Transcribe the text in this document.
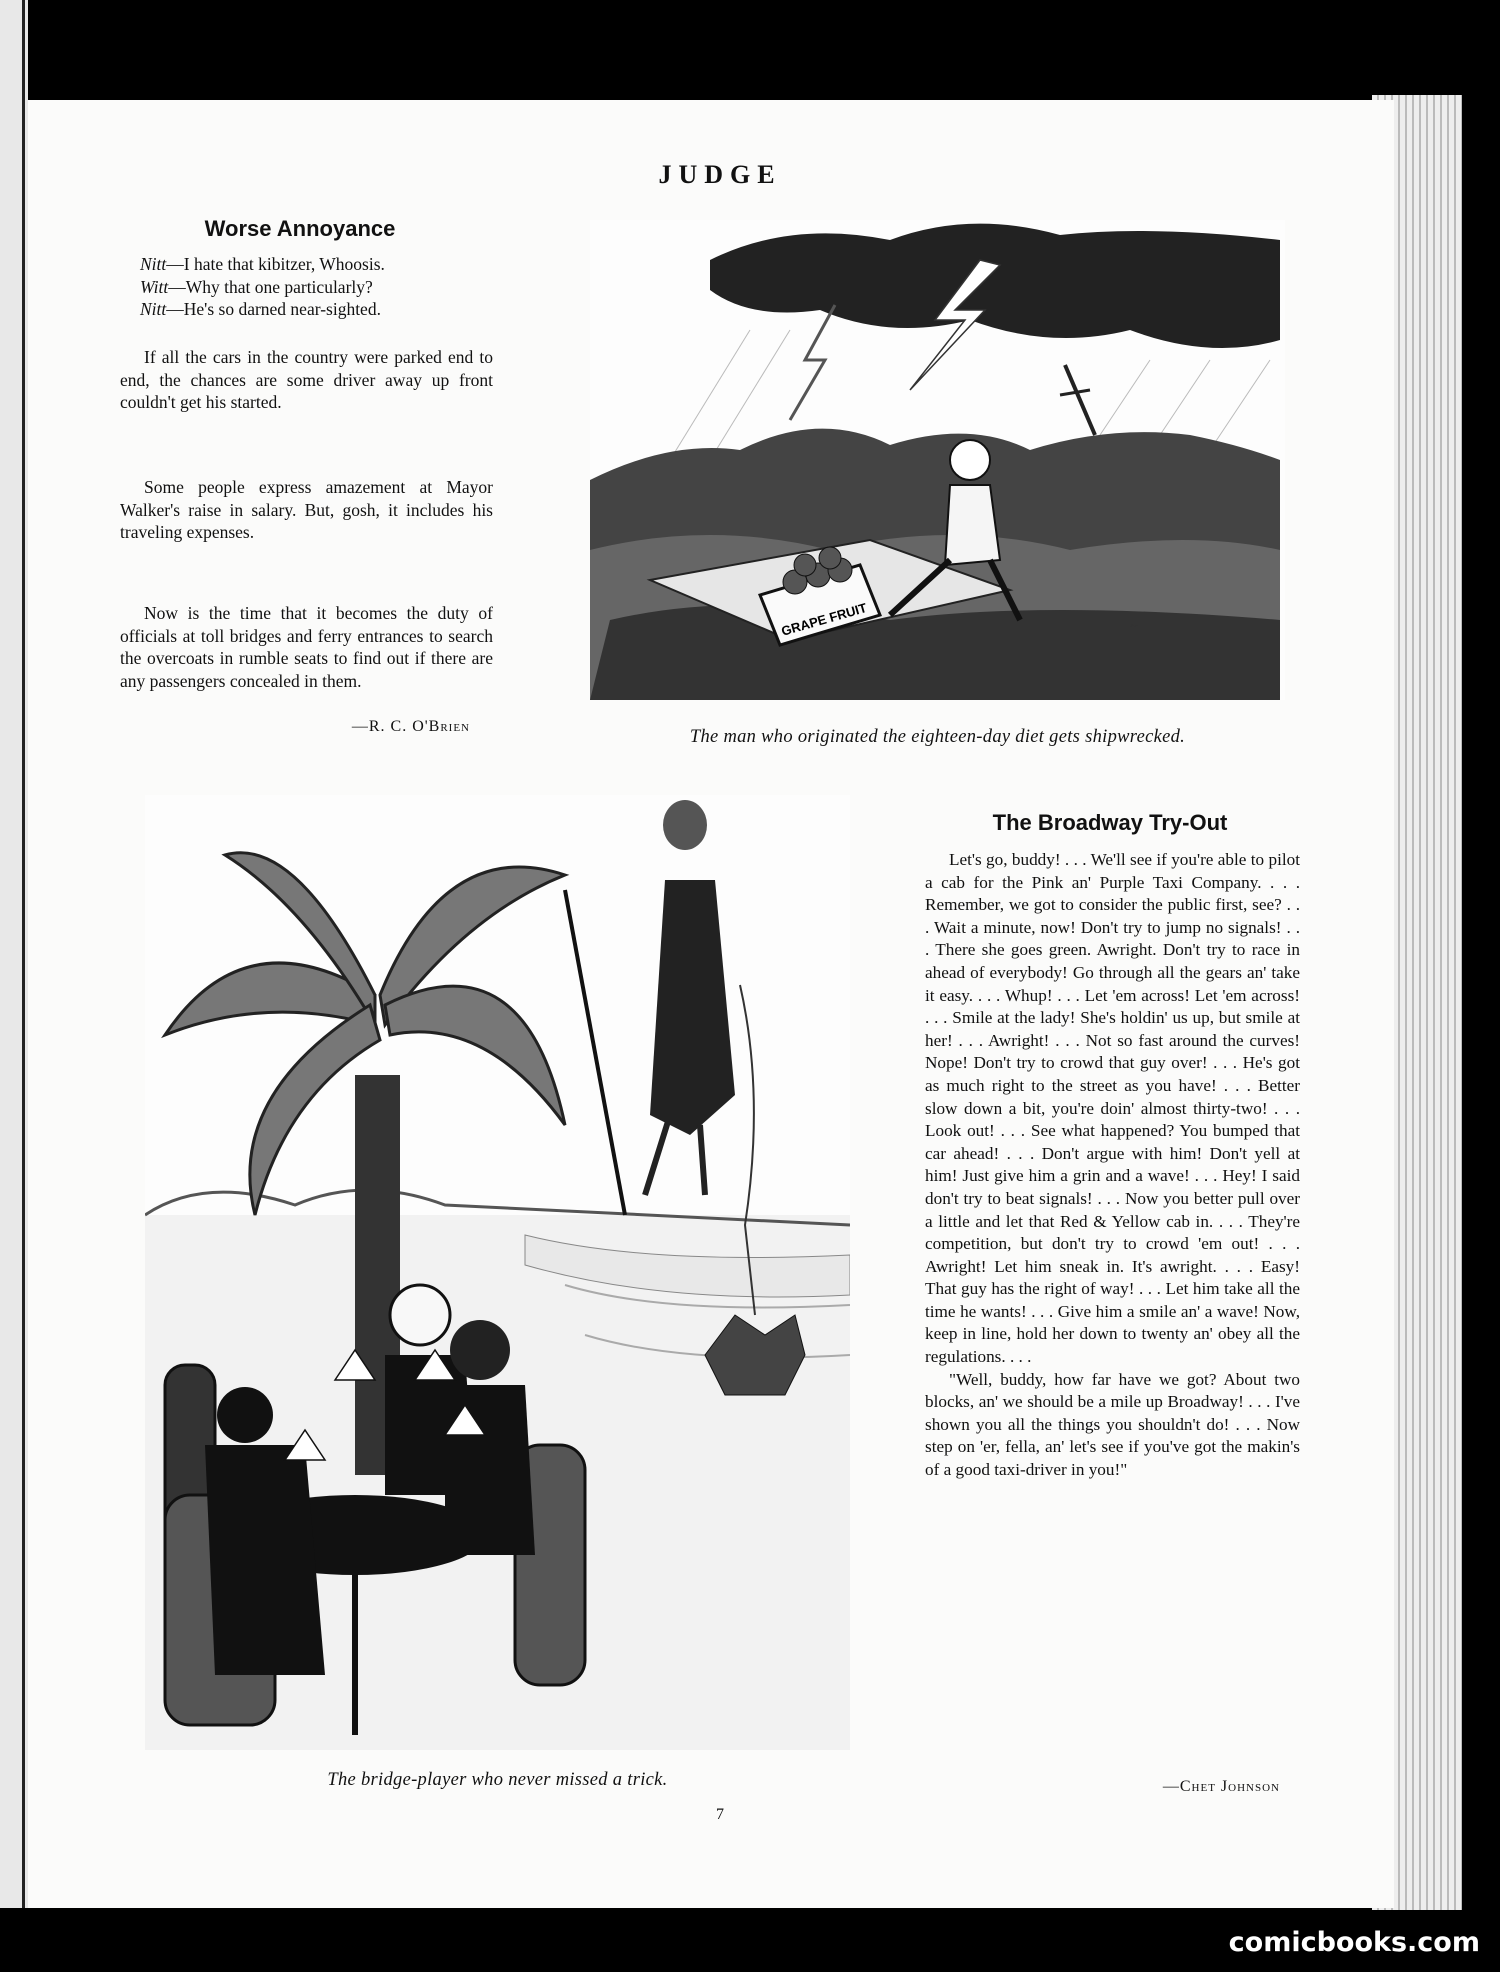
JUDGE
Worse Annoyance
Nitt—I hate that kibitzer, Whoosis.
Witt—Why that one particularly?
Nitt—He's so darned near-sighted.

If all the cars in the country were parked end to end, the chances are some driver away up front couldn't get his started.

Some people express amazement at Mayor Walker's raise in salary. But, gosh, it includes his traveling expenses.

Now is the time that it becomes the duty of officials at toll bridges and ferry entrances to search the overcoats in rumble seats to find out if there are any passengers concealed in them.

—R. C. O'Brien
GRAPE FRUIT	~
The man who originated the eighteen-day diet gets shipwrecked.
The bridge-player who never missed a trick.
The Broadway Try-Out

Let's go, buddy! . . . We'll see if you're able to pilot a cab for the Pink an' Purple Taxi Company. . . . Remember, we got to consider the public first, see? . . . Wait a minute, now! Don't try to jump no signals! . . . There she goes green. Awright. Don't try to race in ahead of everybody! Go through all the gears an' take it easy. . . . Whup! . . . Let 'em across! Let 'em across! . . . Smile at the lady! She's holdin' us up, but smile at her! . . . Awright! . . . Not so fast around the curves! Nope! Don't try to crowd that guy over! . . . He's got as much right to the street as you have! . . . Better slow down a bit, you're doin' almost thirty-two! . . . Look out! . . . See what happened? You bumped that car ahead! . . . Don't argue with him! Don't yell at him! Just give him a grin and a wave! . . . Hey! I said don't try to beat signals! . . . Now you better pull over a little and let that Red & Yellow cab in. . . . They're competition, but don't try to crowd 'em out! . . . Awright! Let him sneak in. It's awright. . . . Easy! That guy has the right of way! . . . Let him take all the time he wants! . . . Give him a smile an' a wave! Now, keep in line, hold her down to twenty an' obey all the regulations. . . .

"Well, buddy, how far have we got? About two blocks, an' we should be a mile up Broadway! . . . I've shown you all the things you shouldn't do! . . . Now step on 'er, fella, an' let's see if you've got the makin's of a good taxi-driver in you!"

—Chet Johnson
7
comicbooks.com
